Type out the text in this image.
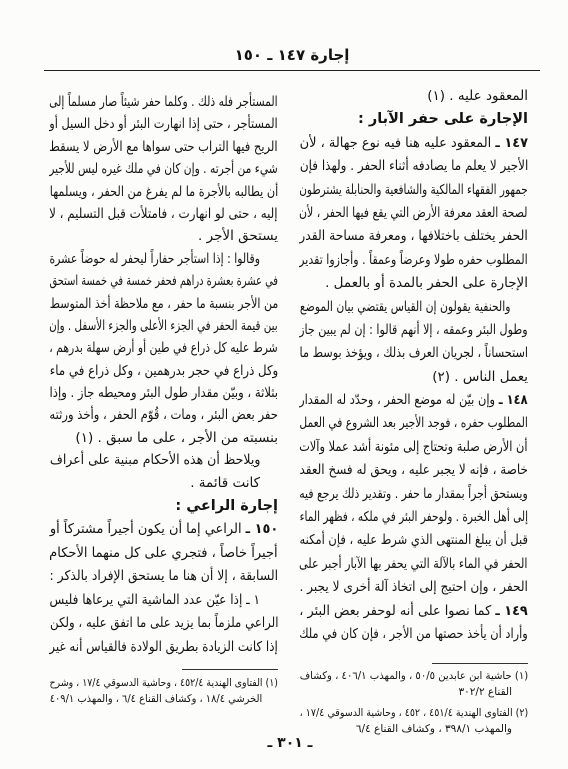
إجارة ١٤٧ ـ ١٥٠
المعقود عليه . (١)
الإجارة على حفر الآبار :
١٤٧ ـ المعقود عليه هنا فيه نوع جهالة ، لأن
الأجير لا يعلم ما يصادفه أثناء الحفر . ولهذا فإن
جمهور الفقهاء المالكية والشافعية والحنابلة يشترطون
لصحة العقد معرفة الأرض التي يقع فيها الحفر ، لأن
الحفر يختلف باختلافها ، ومعرفة مساحة القدر
المطلوب حفره طولا وعرضاً وعمقاً . وأجازوا تقدير
الإجارة على الحفر بالمدة أو بالعمل .
والحنفية يقولون إن القياس يقتضي بيان الموضع
وطول البئر وعمقه ، إلا أنهم قالوا : إن لم يبين جاز
استحساناً ، لجريان العرف بذلك ، ويؤخذ بوسط ما
يعمل الناس . (٢)
١٤٨ ـ وإن بيّن له موضع الحفر ، وحدّد له المقدار
المطلوب حفره ، فوجد الأجير بعد الشروع في العمل
أن الأرض صلبة وتحتاج إلى مئونة أشد عملا وآلات
خاصة ، فإنه لا يجبر عليه ، ويحق له فسخ العقد
ويستحق أجراً بمقدار ما حفر . وتقدير ذلك يرجع فيه
إلى أهل الخبرة . ولوحفر البئر في ملكه ، فظهر الماء
قبل أن يبلغ المنتهى الذي شرط عليه ، فإن أمكنه
الحفر في الماء بالآلة التي يحفر بها الآبار أجبر على
الحفر ، وإن احتيج إلى اتخاذ آلة أخرى لا يجبر .
١٤٩ ـ كما نصوا على أنه لوحفر بعض البئر ،
وأراد أن يأخذ حصتها من الأجر ، فإن كان في ملك
المستأجر فله ذلك . وكلما حفر شيئاً صار مسلماً إلى
المستأجر ، حتى إذا انهارت البئر أو دخل السيل أو
الريح فيها التراب حتى سواها مع الأرض لا يسقط
شيء من أجرته . وإن كان في ملك غيره ليس للأجير
أن يطالبه بالأجرة ما لم يفرغ من الحفر ، ويسلمها
إليه ، حتى لو انهارت ، فامتلأت قبل التسليم ، لا
يستحق الأجر .
وقالوا : إذا استأجر حفاراً ليحفر له حوضاً عشرة
في عشرة بعشرة دراهم فحفر خمسة في خمسة استحق
من الأجر بنسبة ما حفر ، مع ملاحظة أخذ المتوسط
بين قيمة الحفر في الجزء الأعلى والجزء الأسفل . وإن
شرط عليه كل ذراع في طين أو أرض سهلة بدرهم ،
وكل ذراع في حجر بدرهمين ، وكل ذراع في ماء
بثلاثة ، وبيّن مقدار طول البئر ومحيطه جاز . وإذا
حفر بعض البئر ، ومات ، قُوّم الحفر ، وأخذ ورثته
بنسبته من الأجر ، على ما سبق . (١)
ويلاحظ أن هذه الأحكام مبنية على أعراف
كانت قائمة .
إجارة الراعي :
١٥٠ ـ الراعي إما أن يكون أجيراً مشتركاً أو
أجيراً خاصاً ، فتجري على كل منهما الأحكام
السابقة ، إلا أن هنا ما يستحق الإفراد بالذكر :
١ ـ إذا عيّن عدد الماشية التي يرعاها فليس
الراعي ملزماً بما يزيد على ما اتفق عليه ، ولكن
إذا كانت الزيادة بطريق الولادة فالقياس أنه غير
(١) حاشية ابن عابدين ٥٠/٥ ، والمهذب ٤٠٦/١ ، وكشاف
القناع ٣٠٢/٢
(٢) الفتاوى الهندية ٤٥١/٤ ، ٤٥٢ ، وحاشية الدسوقي ١٧/٤ ،
والمهذب ٣٩٨/١ ، وكشاف القناع ٦/٤
(١) الفتاوى الهندية ٤٥٢/٤ ، وحاشية الدسوقي ١٧/٤ ، وشرح
الخرشي ١٨/٤ ، وكشاف القناع ٦/٤ ، والمهذب ٤٠٩/١
ـ ٣٠١ ـ
